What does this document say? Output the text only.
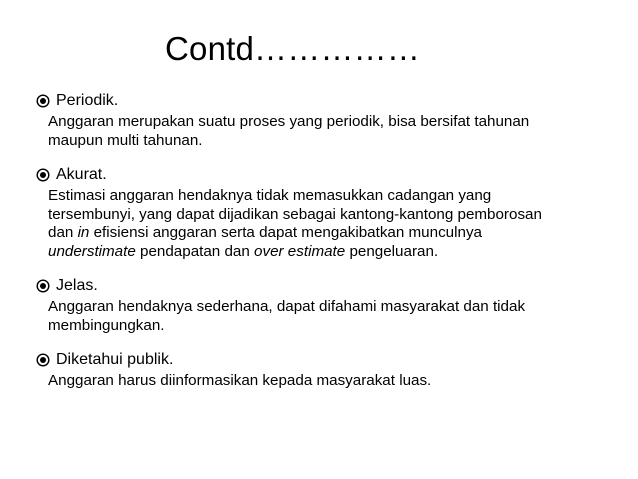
Contd……………
Periodik.

Anggaran merupakan suatu proses yang periodik, bisa bersifat tahunan

maupun multi tahunan.

Akurat.

Estimasi anggaran hendaknya tidak memasukkan cadangan yang

tersembunyi, yang dapat dijadikan sebagai kantong-kantong pemborosan

dan in efisiensi anggaran serta dapat mengakibatkan munculnya

understimate pendapatan dan over estimate pengeluaran.

Jelas.

Anggaran hendaknya sederhana, dapat difahami masyarakat dan tidak

membingungkan.

Diketahui publik.

Anggaran harus diinformasikan kepada masyarakat luas.
